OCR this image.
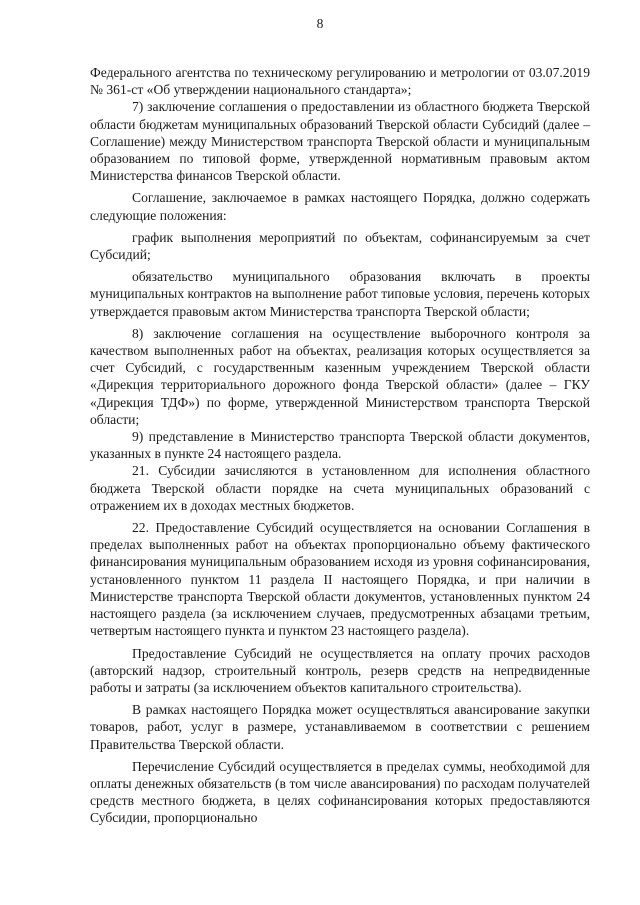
8

Федерального агентства по техническому регулированию и метрологии от 03.07.2019 № 361-ст «Об утверждении национального стандарта»;

7) заключение соглашения о предоставлении из областного бюджета Тверской области бюджетам муниципальных образований Тверской области Субсидий (далее – Соглашение) между Министерством транспорта Тверской области и муниципальным образованием по типовой форме, утвержденной нормативным правовым актом Министерства финансов Тверской области.

Соглашение, заключаемое в рамках настоящего Порядка, должно содержать следующие положения:

график выполнения мероприятий по объектам, софинансируемым за счет Субсидий;

обязательство муниципального образования включать в проекты муниципальных контрактов на выполнение работ типовые условия, перечень которых утверждается правовым актом Министерства транспорта Тверской области;

8) заключение соглашения на осуществление выборочного контроля за качеством выполненных работ на объектах, реализация которых осуществляется за счет Субсидий, с государственным казенным учреждением Тверской области «Дирекция территориального дорожного фонда Тверской области» (далее – ГКУ «Дирекция ТДФ») по форме, утвержденной Министерством транспорта Тверской области;

9) представление в Министерство транспорта Тверской области документов, указанных в пункте 24 настоящего раздела.

21. Субсидии зачисляются в установленном для исполнения областного бюджета Тверской области порядке на счета муниципальных образований с отражением их в доходах местных бюджетов.

22. Предоставление Субсидий осуществляется на основании Соглашения в пределах выполненных работ на объектах пропорционально объему фактического финансирования муниципальным образованием исходя из уровня софинансирования, установленного пунктом 11 раздела II настоящего Порядка, и при наличии в Министерстве транспорта Тверской области документов, установленных пунктом 24 настоящего раздела (за исключением случаев, предусмотренных абзацами третьим, четвертым настоящего пункта и пунктом 23 настоящего раздела).

Предоставление Субсидий не осуществляется на оплату прочих расходов (авторский надзор, строительный контроль, резерв средств на непредвиденные работы и затраты (за исключением объектов капитального строительства).

В рамках настоящего Порядка может осуществляться авансирование закупки товаров, работ, услуг в размере, устанавливаемом в соответствии с решением Правительства Тверской области.

Перечисление Субсидий осуществляется в пределах суммы, необходимой для оплаты денежных обязательств (в том числе авансирования) по расходам получателей средств местного бюджета, в целях софинансирования которых предоставляются Субсидии, пропорционально
